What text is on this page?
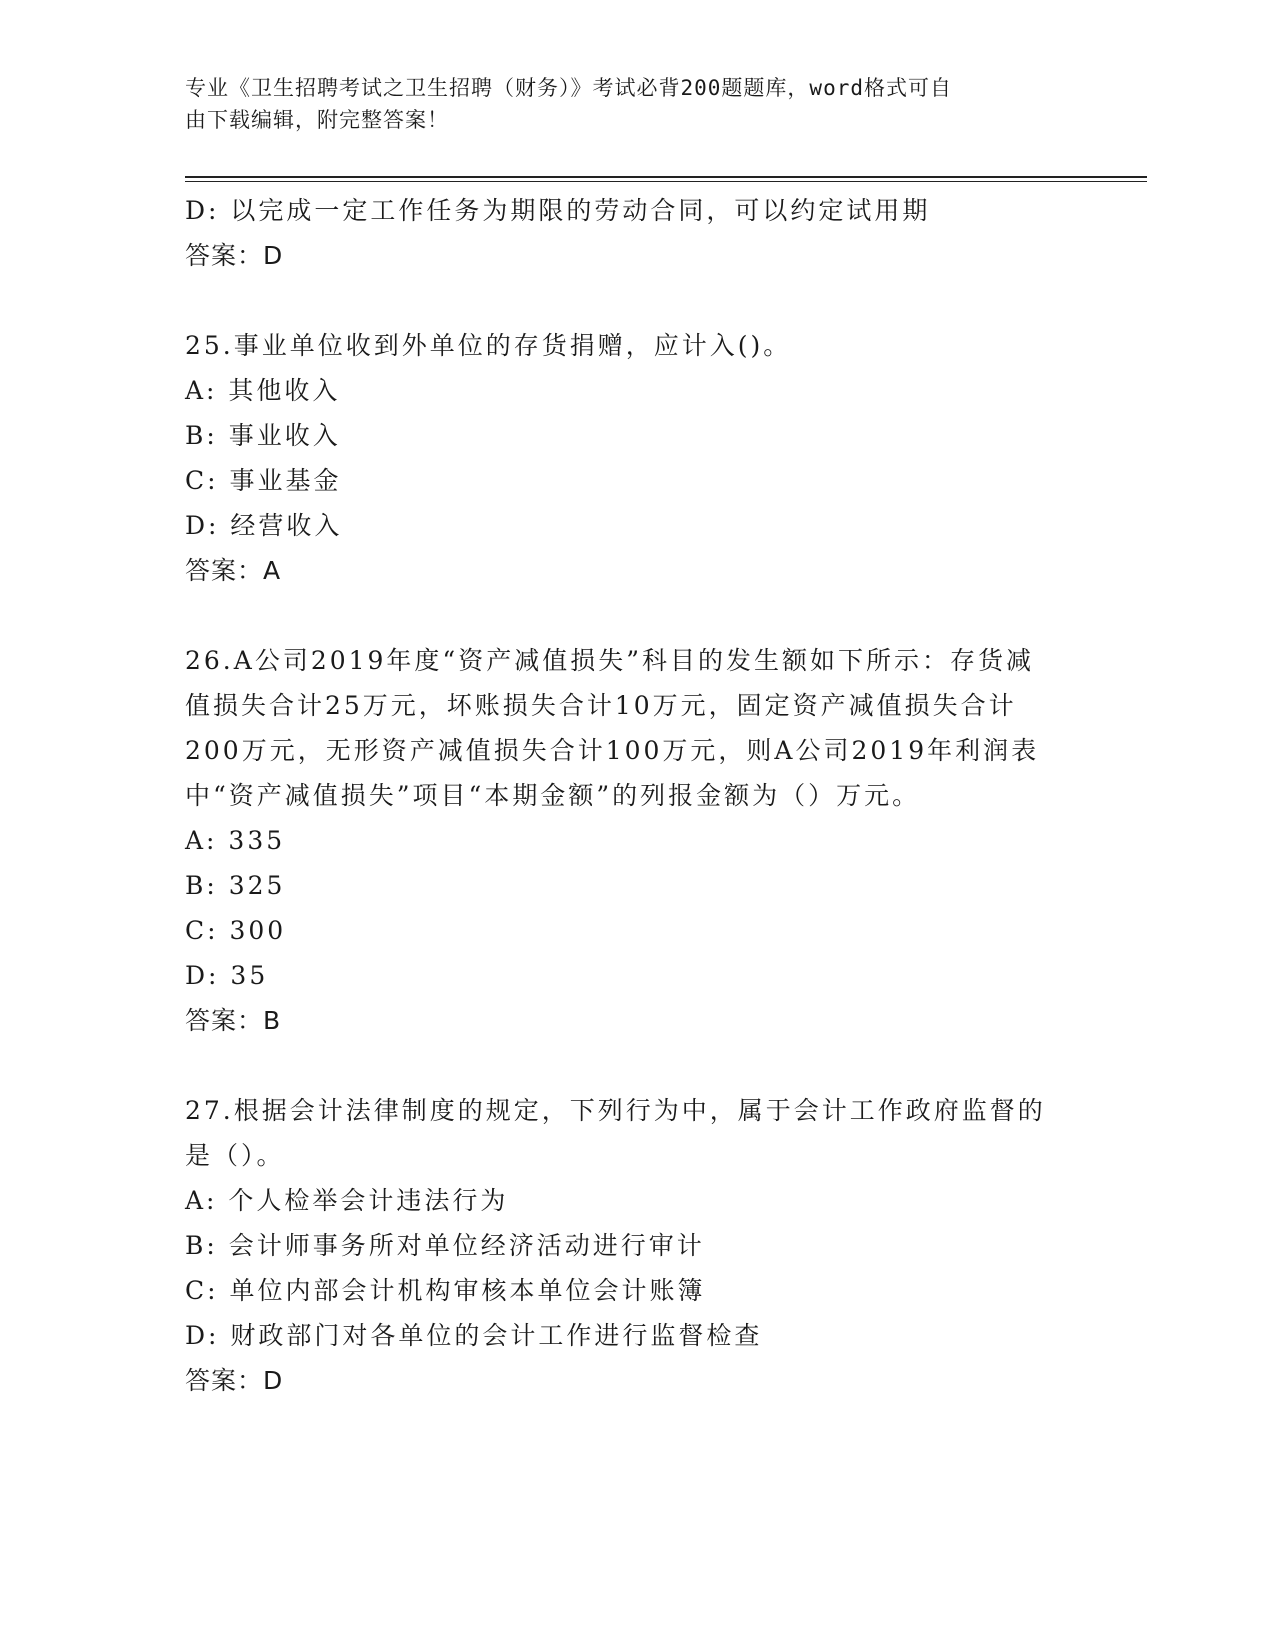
专业《卫生招聘考试之卫生招聘（财务）》考试必背200题题库，word格式可自
由下载编辑，附完整答案！
D: 以完成一定工作任务为期限的劳动合同，可以约定试用期
答案：D
25.事业单位收到外单位的存货捐赠，应计入()。
A: 其他收入
B: 事业收入
C: 事业基金
D: 经营收入
答案：A
26.A公司2019年度“资产减值损失”科目的发生额如下所示：存货减
值损失合计25万元，坏账损失合计10万元，固定资产减值损失合计
200万元，无形资产减值损失合计100万元，则A公司2019年利润表
中“资产减值损失”项目“本期金额”的列报金额为（）万元。
A: 335
B: 325
C: 300
D: 35
答案：B
27.根据会计法律制度的规定，下列行为中，属于会计工作政府监督的
是（）。
A: 个人检举会计违法行为
B: 会计师事务所对单位经济活动进行审计
C: 单位内部会计机构审核本单位会计账簿
D: 财政部门对各单位的会计工作进行监督检查
答案：D
